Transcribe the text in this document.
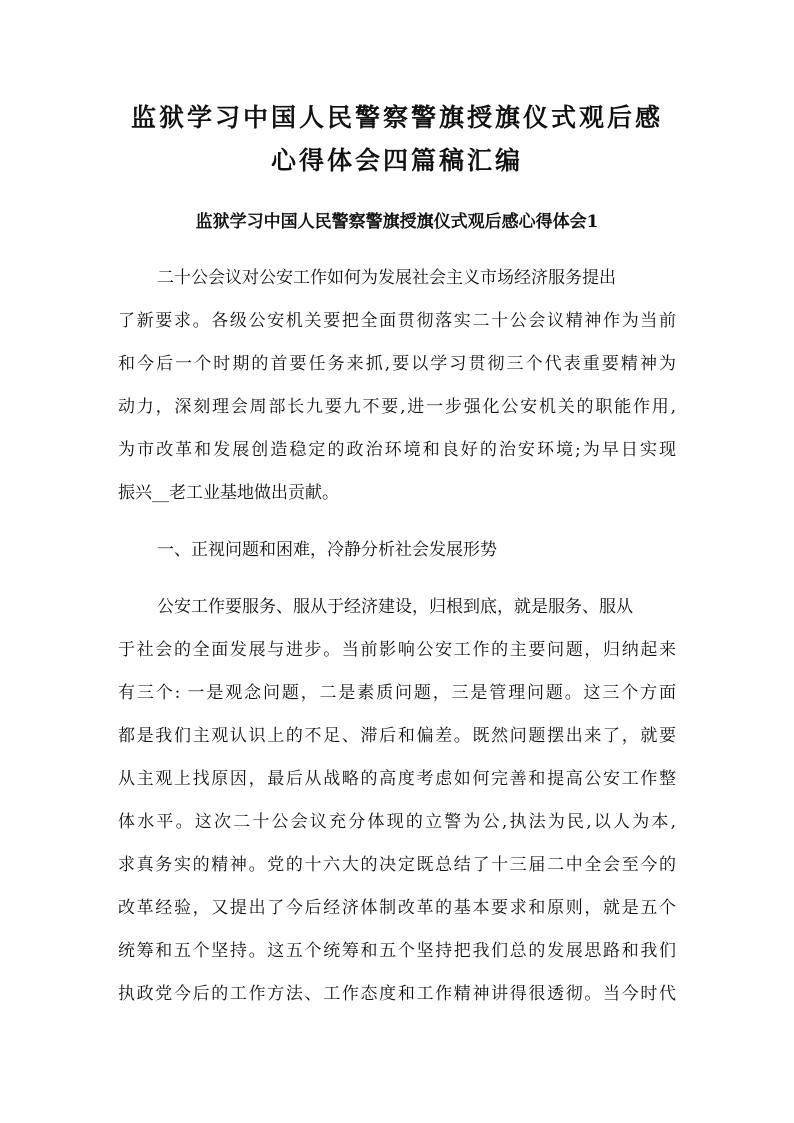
监狱学习中国人民警察警旗授旗仪式观后感
心得体会四篇稿汇编
监狱学习中国人民警察警旗授旗仪式观后感心得体会1

二十公会议对公安工作如何为发展社会主义市场经济服务提出

了新要求。各级公安机关要把全面贯彻落实二十公会议精神作为当前

和今后一个时期的首要任务来抓,要以学习贯彻三个代表重要精神为

动力，深刻理会周部长九要九不要,进一步强化公安机关的职能作用,

为市改革和发展创造稳定的政治环境和良好的治安环境;为早日实现

振兴__老工业基地做出贡献。

一、正视问题和困难，冷静分析社会发展形势

公安工作要服务、服从于经济建设，归根到底，就是服务、服从

于社会的全面发展与进步。当前影响公安工作的主要问题，归纳起来

有三个: 一是观念问题，二是素质问题，三是管理问题。这三个方面

都是我们主观认识上的不足、滞后和偏差。既然问题摆出来了，就要

从主观上找原因，最后从战略的高度考虑如何完善和提高公安工作整

体水平。这次二十公会议充分体现的立警为公,执法为民,以人为本,

求真务实的精神。党的十六大的决定既总结了十三届二中全会至今的

改革经验，又提出了今后经济体制改革的基本要求和原则，就是五个

统筹和五个坚持。这五个统筹和五个坚持把我们总的发展思路和我们

执政党今后的工作方法、工作态度和工作精神讲得很透彻。当今时代
